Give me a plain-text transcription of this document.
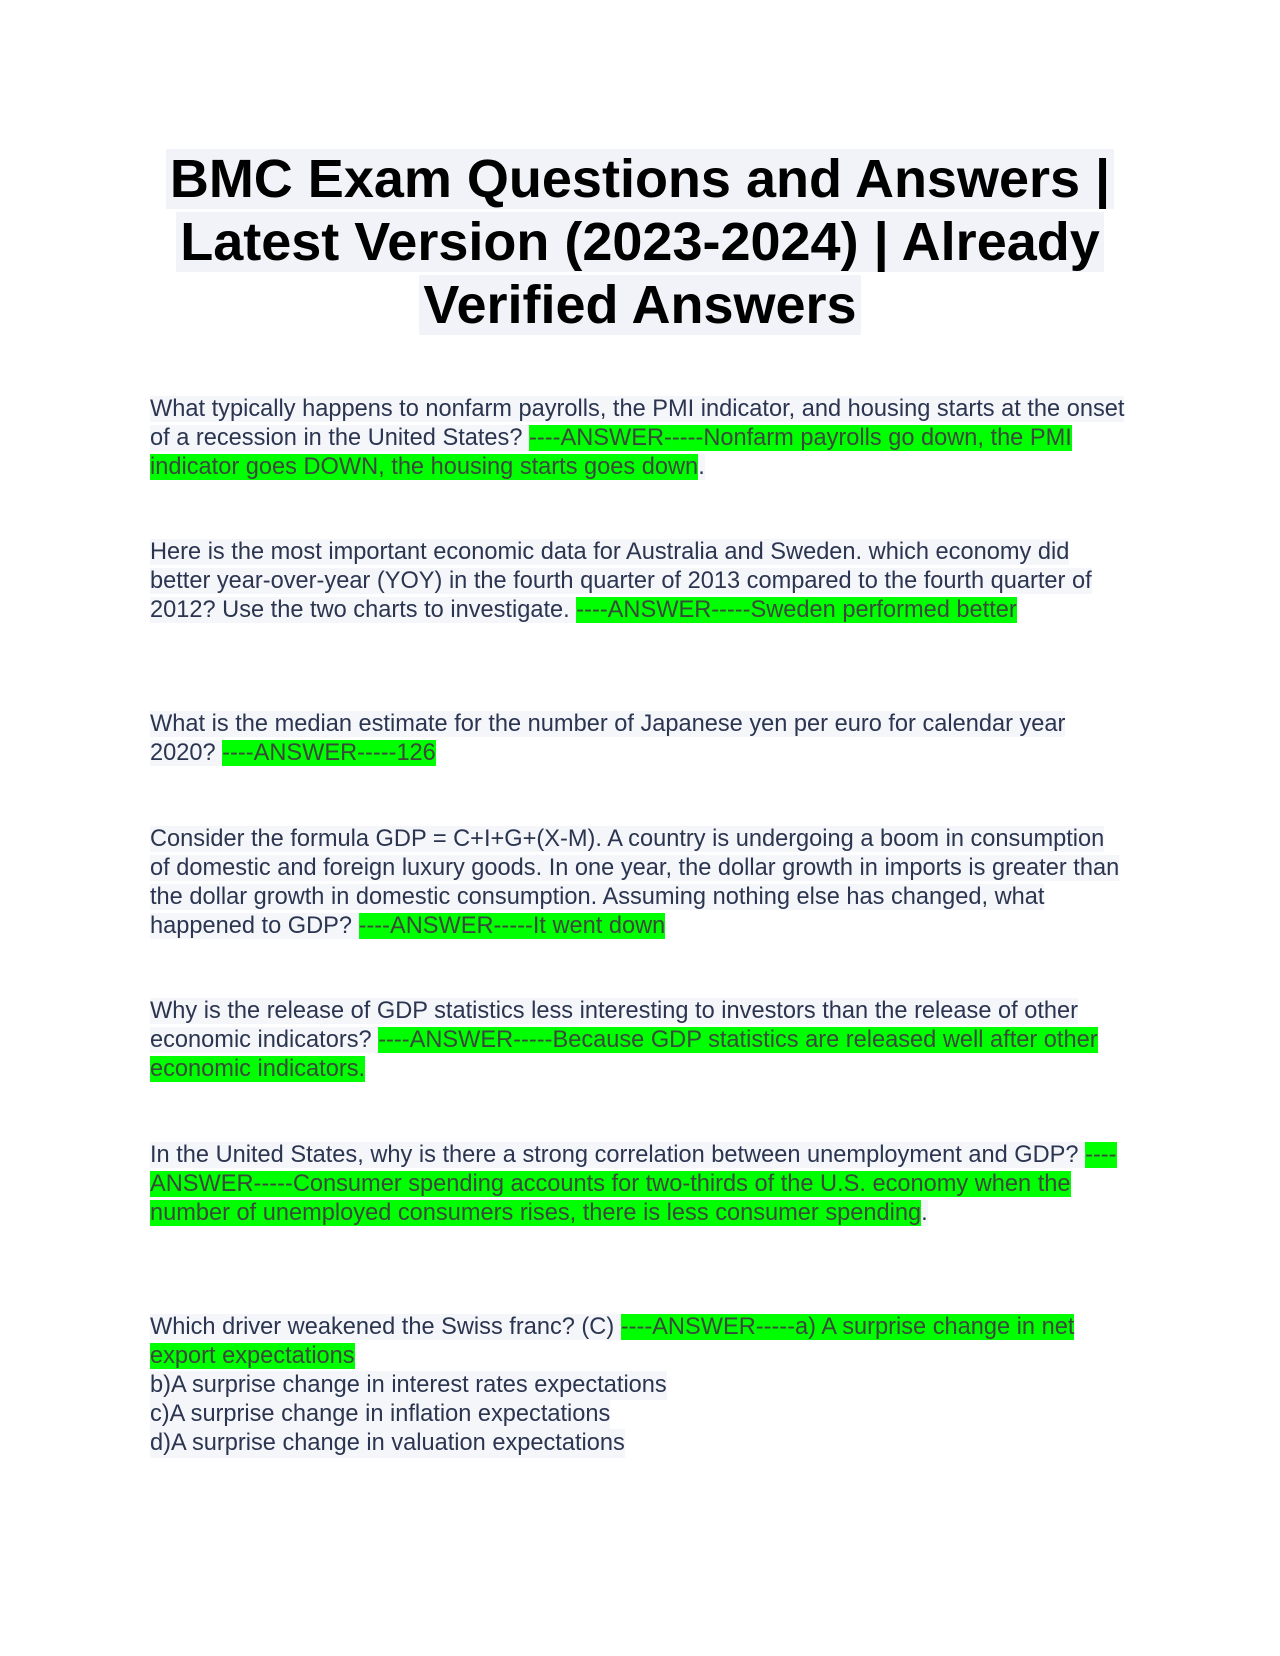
BMC Exam Questions and Answers |
Latest Version (2023-2024) | Already
Verified Answers

What typically happens to nonfarm payrolls, the PMI indicator, and housing starts at the onset of a recession in the United States? ----ANSWER-----Nonfarm payrolls go down, the PMI indicator goes DOWN, the housing starts goes down.

Here is the most important economic data for Australia and Sweden. which economy did better year-over-year (YOY) in the fourth quarter of 2013 compared to the fourth quarter of 2012? Use the two charts to investigate. ----ANSWER-----Sweden performed better

What is the median estimate for the number of Japanese yen per euro for calendar year 2020? ----ANSWER-----126

Consider the formula GDP = C+I+G+(X-M). A country is undergoing a boom in consumption of domestic and foreign luxury goods. In one year, the dollar growth in imports is greater than the dollar growth in domestic consumption. Assuming nothing else has changed, what happened to GDP? ----ANSWER-----It went down

Why is the release of GDP statistics less interesting to investors than the release of other economic indicators? ----ANSWER-----Because GDP statistics are released well after other economic indicators.

In the United States, why is there a strong correlation between unemployment and GDP? ----ANSWER-----Consumer spending accounts for two-thirds of the U.S. economy when the number of unemployed consumers rises, there is less consumer spending.

Which driver weakened the Swiss franc? (C) ----ANSWER-----a) A surprise change in net export expectations
b)A surprise change in interest rates expectations
c)A surprise change in inflation expectations
d)A surprise change in valuation expectations
